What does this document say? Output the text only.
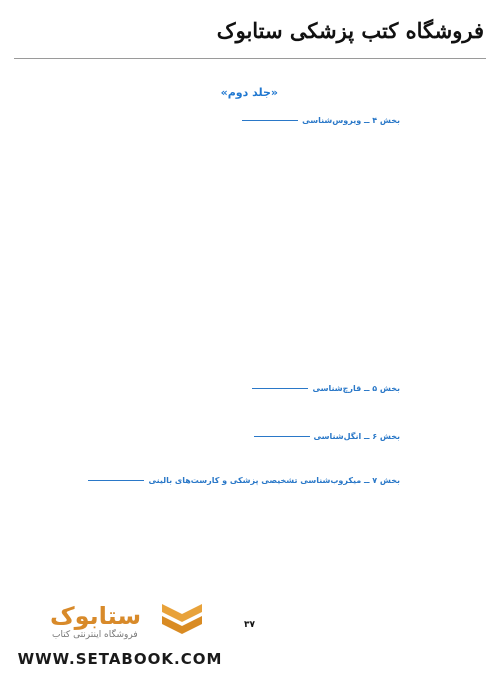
فروشگاه کتب پزشکی ستابوک
«جلد دوم»
بخش ۴ ــ ویروس‌شناسی
بخش ۵ ــ قارچ‌شناسی
بخش ۶ ــ انگل‌شناسی
بخش ۷ ــ میکروب‌شناسی تشخیصی پزشکی و کارست‌های بالینی
ستابوک
فروشگاه اینترنتی کتاب
۳۷
WWW.SETABOOK.COM
